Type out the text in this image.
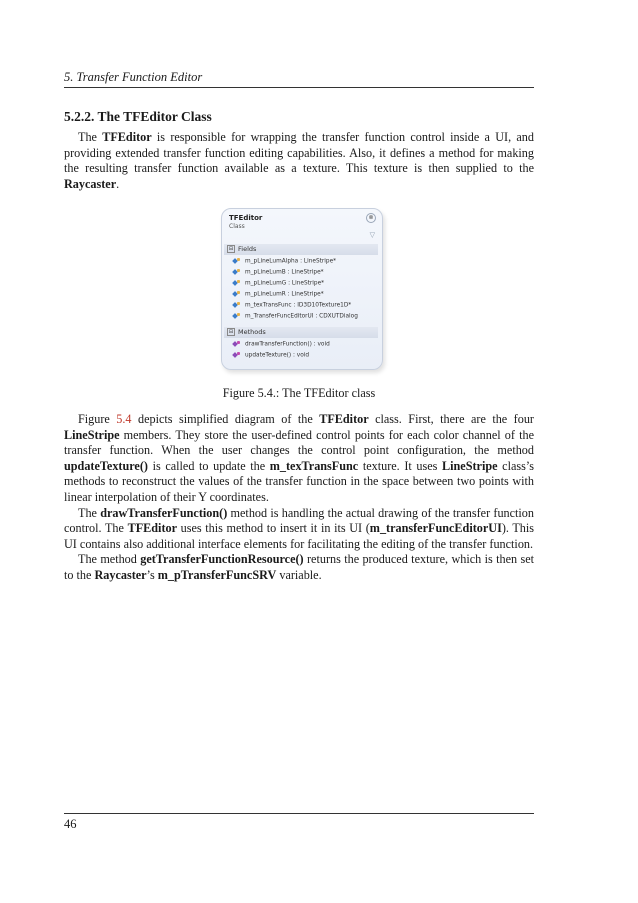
5. Transfer Function Editor
5.2.2. The TFEditor Class

The TFEditor is responsible for wrapping the transfer function control inside a UI, and providing extended transfer function editing capabilities. Also, it defines a method for making the resulting transfer function available as a texture. This texture is then supplied to the Raycaster.

TFEditor
Class
⊗
▽
⊟ Fields
m_pLineLumAlpha : LineStripe*
m_pLineLumB : LineStripe*
m_pLineLumG : LineStripe*
m_pLineLumR : LineStripe*
m_texTransFunc : ID3D10Texture1D*
m_TransferFuncEditorUI : CDXUTDialog
⊟ Methods
drawTransferFunction() : void
updateTexture() : void
Figure 5.4.: The TFEditor class

Figure 5.4 depicts simplified diagram of the TFEditor class. First, there are the four LineStripe members. They store the user-defined control points for each color channel of the transfer function. When the user changes the control point configuration, the method updateTexture() is called to update the m_texTransFunc texture. It uses LineStripe class’s methods to reconstruct the values of the transfer function in the space between two points with linear interpolation of their Y coordinates.

The drawTransferFunction() method is handling the actual drawing of the transfer function control. The TFEditor uses this method to insert it in its UI (m_transferFuncEditorUI). This UI contains also additional interface elements for facilitating the editing of the transfer function.

The method getTransferFunctionResource() returns the produced texture, which is then set to the Raycaster’s m_pTransferFuncSRV variable.

46
